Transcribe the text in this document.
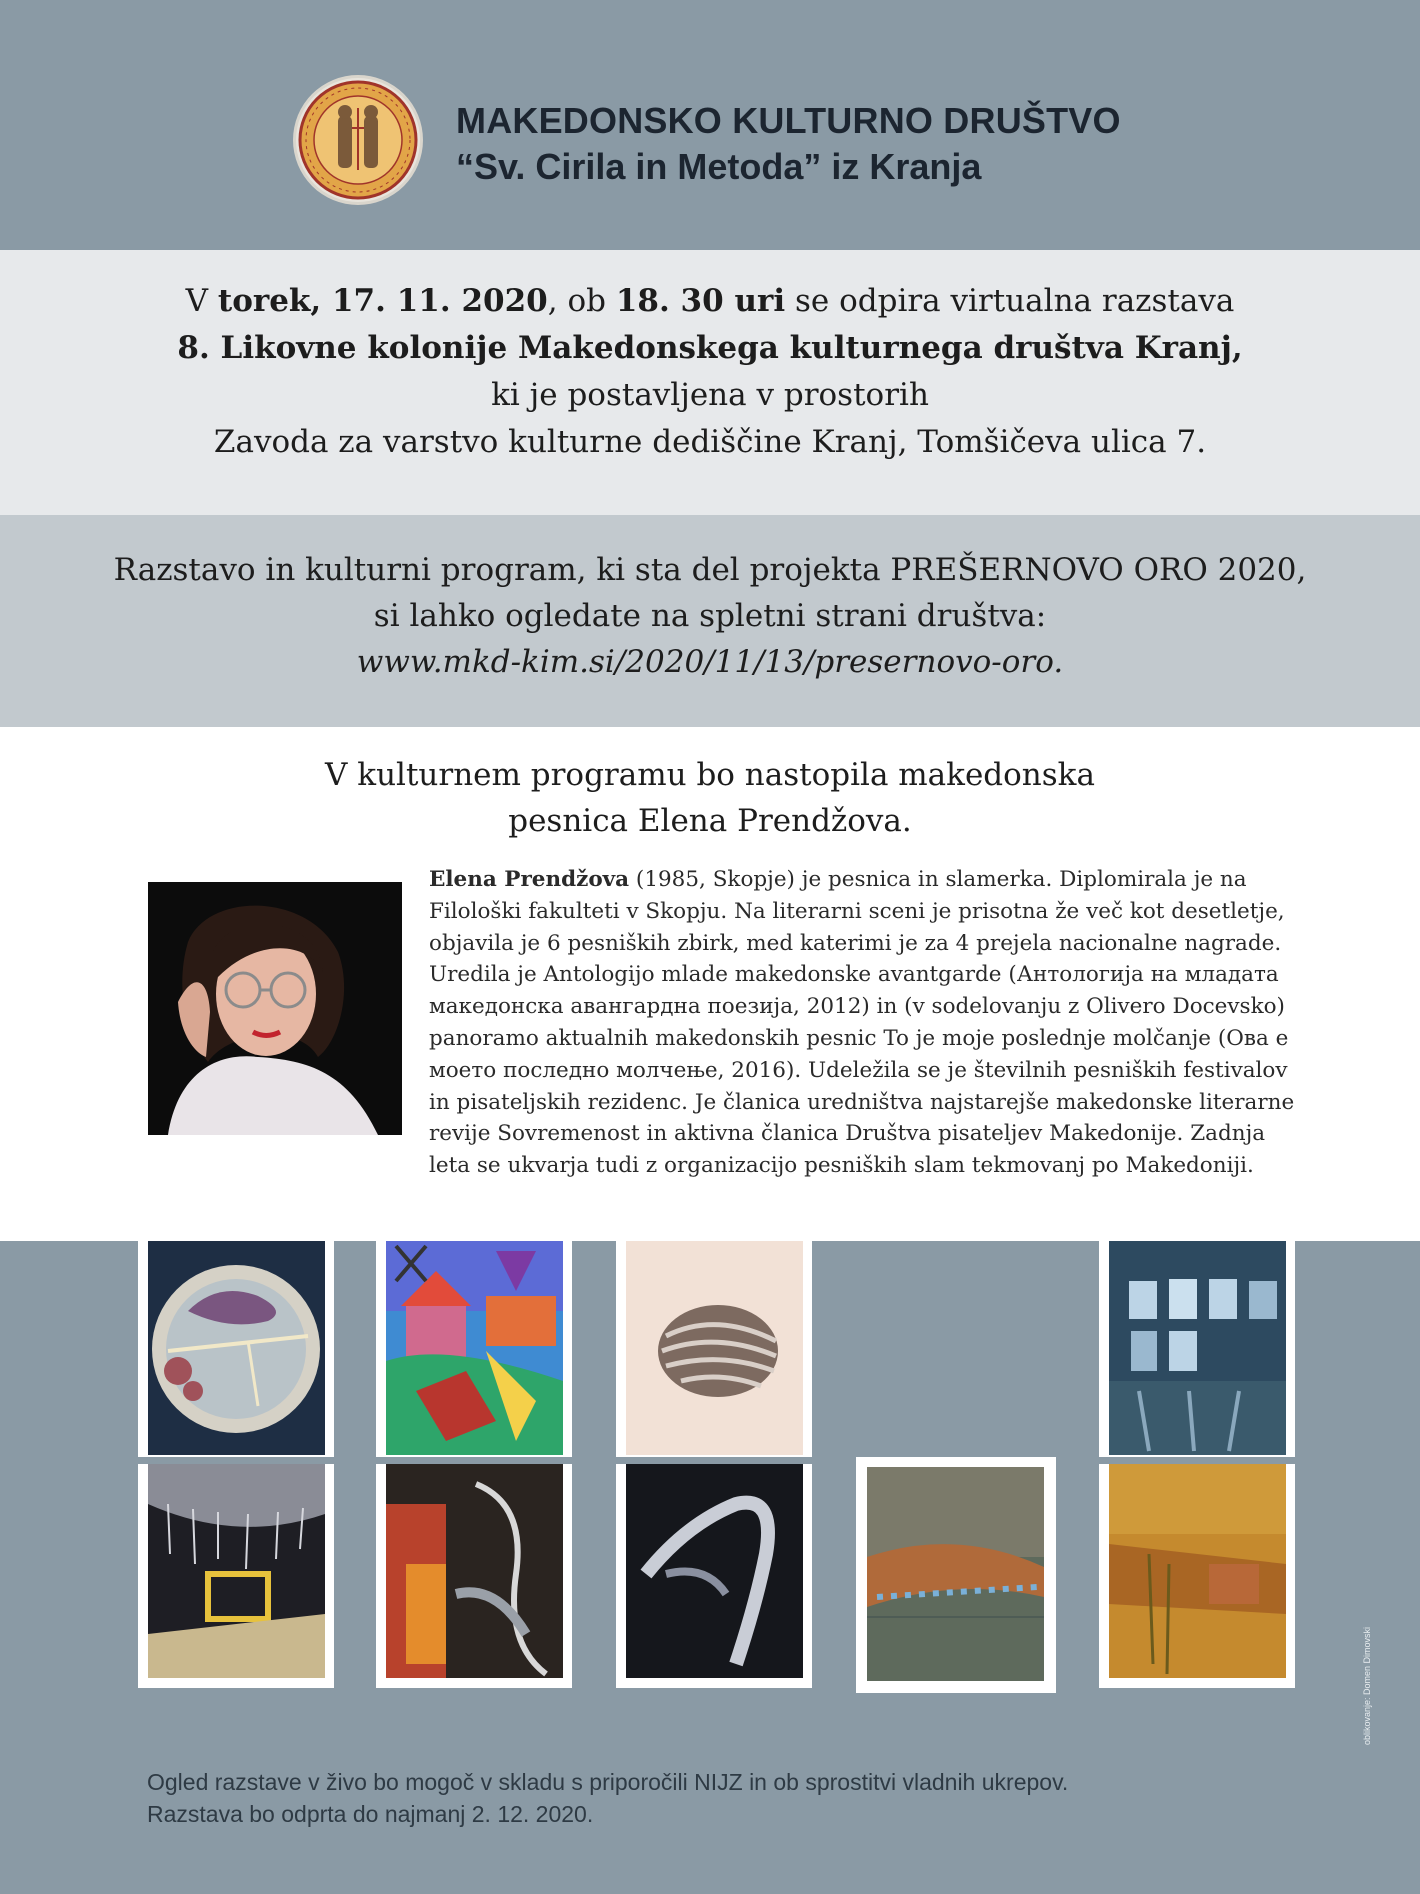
MAKEDONSKO KULTURNO DRUŠTVO
“Sv. Cirila in Metoda” iz Kranja
V torek, 17. 11. 2020, ob 18. 30 uri se odpira virtualna razstava
8. Likovne kolonije Makedonskega kulturnega društva Kranj,
ki je postavljena v prostorih
Zavoda za varstvo kulturne dediščine Kranj, Tomšičeva ulica 7.
Razstavo in kulturni program, ki sta del projekta PREŠERNOVO ORO 2020,
si lahko ogledate na spletni strani društva:
www.mkd-kim.si/2020/11/13/presernovo-oro.
V kulturnem programu bo nastopila makedonska
pesnica Elena Prendžova.
Elena Prendžova (1985, Skopje) je pesnica in slamerka. Diplomirala je na Filološki fakulteti v Skopju. Na literarni sceni je prisotna že več kot desetletje, objavila je 6 pesniških zbirk, med katerimi je za 4 prejela nacionalne nagrade. Uredila je Antologijo mlade makedonske avantgarde (Антологија на младата македонска авангардна поезија, 2012) in (v sodelovanju z Olivero Docevsko) panoramo aktualnih makedonskih pesnic To je moje poslednje molčanje (Ова е моето последно молчење, 2016). Udeležila se je številnih pesniških festivalov in pisateljskih rezidenc. Je članica uredništva najstarejše makedonske literarne revije Sovremenost in aktivna članica Društva pisateljev Makedonije. Zadnja leta se ukvarja tudi z organizacijo pesniških slam tekmovanj po Makedoniji.
Ogled razstave v živo bo mogoč v skladu s priporočili NIJZ in ob sprostitvi vladnih ukrepov.
Razstava bo odprta do najmanj 2. 12. 2020.
oblikovanje: Domen Dimovski
